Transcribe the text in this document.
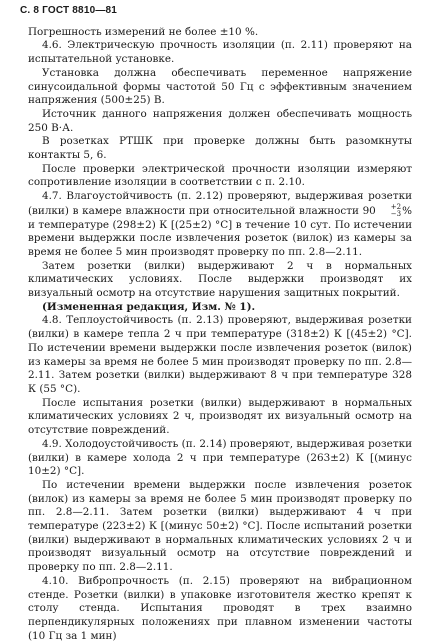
С. 8 ГОСТ 8810—81

Погрешность измерений не более ±10 %.

4.6. Электрическую прочность изоляции (п. 2.11) проверяют на испытательной установке.

Установка должна обеспечивать переменное напряжение синусоидальной формы частотой 50 Гц с эффективным значением напряжения (500±25) В.

Источник данного напряжения должен обеспечивать мощность 250 В·А.

В розетках РТШК при проверке должны быть разомкнуты контакты 5, 6.

После проверки электрической прочности изоляции измеряют сопротивление изоляции в соответствии с п. 2.10.

4.7. Влагоустойчивость (п. 2.12) проверяют, выдерживая розетки (вилки) в камере влажности при относительной влажности 90	+2
−3 % и температуре (298±2) К [(25±2) °С] в течение 10 сут. По истечении времени выдержки после извлечения розеток (вилок) из камеры за время не более 5 мин производят проверку по пп. 2.8—2.11.

Затем розетки (вилки) выдерживают 2 ч в нормальных климатических условиях. После выдержки производят их визуальный осмотр на отсутствие нарушения защитных покрытий.

(Измененная редакция, Изм. № 1).

4.8. Теплоустойчивость (п. 2.13) проверяют, выдерживая розетки (вилки) в камере тепла 2 ч при температуре (318±2) К [(45±2) °С]. По истечении времени выдержки после извлечения розеток (вилок) из камеры за время не более 5 мин производят проверку по пп. 2.8—2.11. Затем розетки (вилки) выдерживают 8 ч при температуре 328 К (55 °С).

После испытания розетки (вилки) выдерживают в нормальных климатических условиях 2 ч, производят их визуальный осмотр на отсутствие повреждений.

4.9. Холодоустойчивость (п. 2.14) проверяют, выдерживая розетки (вилки) в камере холода 2 ч при температуре (263±2) К [(минус 10±2) °С].

По истечении времени выдержки после извлечения розеток (вилок) из камеры за время не более 5 мин производят проверку по пп. 2.8—2.11. Затем розетки (вилки) выдерживают 4 ч при температуре (223±2) К [(минус 50±2) °С]. После испытаний розетки (вилки) выдерживают в нормальных климатических условиях 2 ч и производят визуальный осмотр на отсутствие повреждений и проверку по пп. 2.8—2.11.

4.10. Вибропрочность (п. 2.15) проверяют на вибрационном стенде. Розетки (вилки) в упаковке изготовителя жестко крепят к столу стенда. Испытания проводят в трех взаимно перпендикулярных положениях при плавном изменении частоты (10 Гц за 1 мин)
